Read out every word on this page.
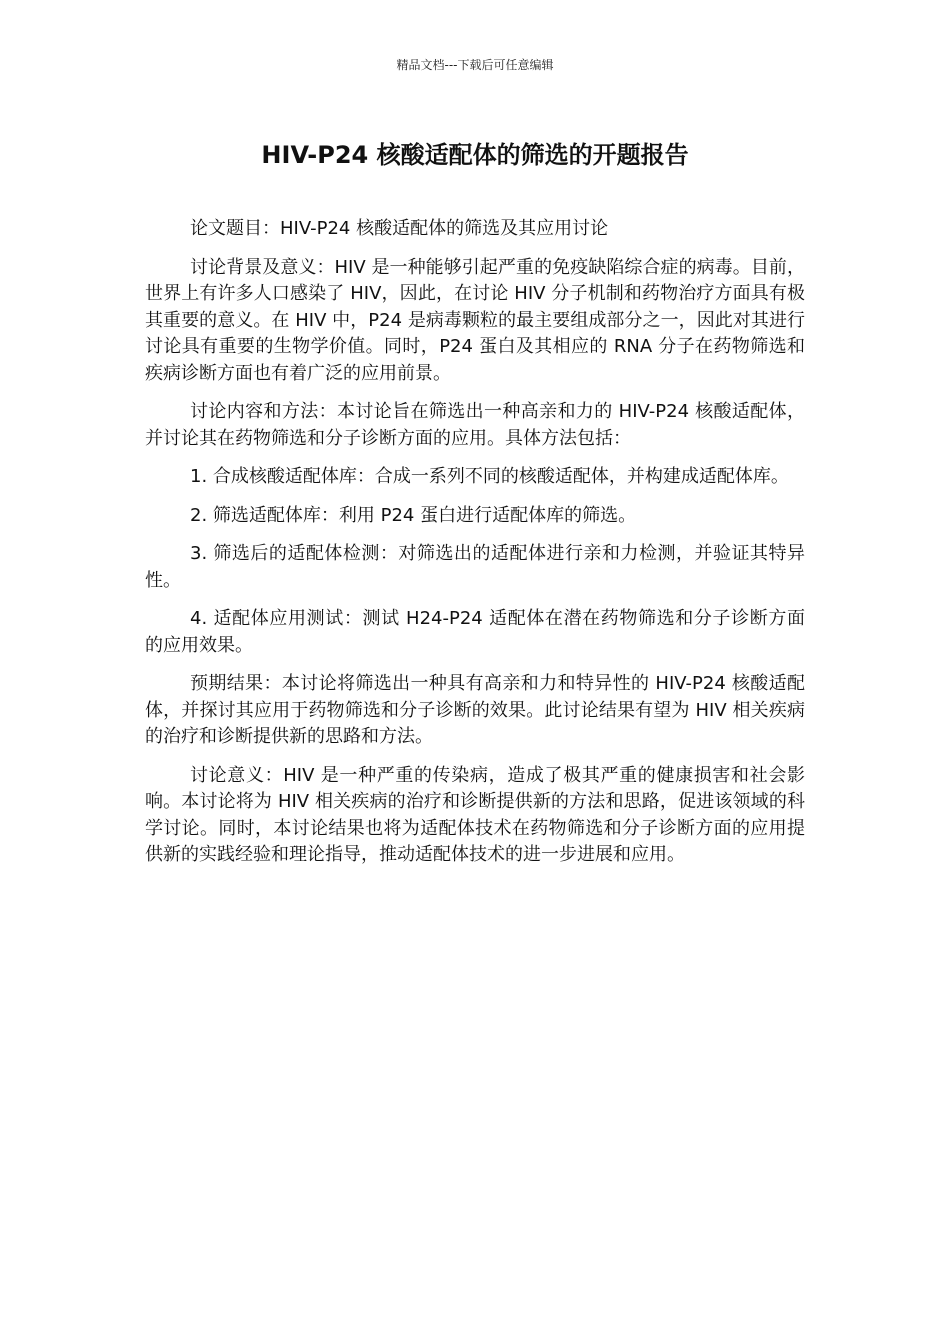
精品文档---下载后可任意编辑
HIV-P24 核酸适配体的筛选的开题报告

论文题目：HIV-P24 核酸适配体的筛选及其应用讨论

讨论背景及意义：HIV 是一种能够引起严重的免疫缺陷综合症的病毒。目前，世界上有许多人口感染了 HIV，因此，在讨论 HIV 分子机制和药物治疗方面具有极其重要的意义。在 HIV 中，P24 是病毒颗粒的最主要组成部分之一，因此对其进行讨论具有重要的生物学价值。同时，P24 蛋白及其相应的 RNA 分子在药物筛选和疾病诊断方面也有着广泛的应用前景。

讨论内容和方法：本讨论旨在筛选出一种高亲和力的 HIV-P24 核酸适配体，并讨论其在药物筛选和分子诊断方面的应用。具体方法包括：

1. 合成核酸适配体库：合成一系列不同的核酸适配体，并构建成适配体库。

2. 筛选适配体库：利用 P24 蛋白进行适配体库的筛选。

3. 筛选后的适配体检测：对筛选出的适配体进行亲和力检测，并验证其特异性。

4. 适配体应用测试：测试 H24-P24 适配体在潜在药物筛选和分子诊断方面的应用效果。

预期结果：本讨论将筛选出一种具有高亲和力和特异性的 HIV-P24 核酸适配体，并探讨其应用于药物筛选和分子诊断的效果。此讨论结果有望为 HIV 相关疾病的治疗和诊断提供新的思路和方法。

讨论意义：HIV 是一种严重的传染病，造成了极其严重的健康损害和社会影响。本讨论将为 HIV 相关疾病的治疗和诊断提供新的方法和思路，促进该领域的科学讨论。同时，本讨论结果也将为适配体技术在药物筛选和分子诊断方面的应用提供新的实践经验和理论指导，推动适配体技术的进一步进展和应用。
